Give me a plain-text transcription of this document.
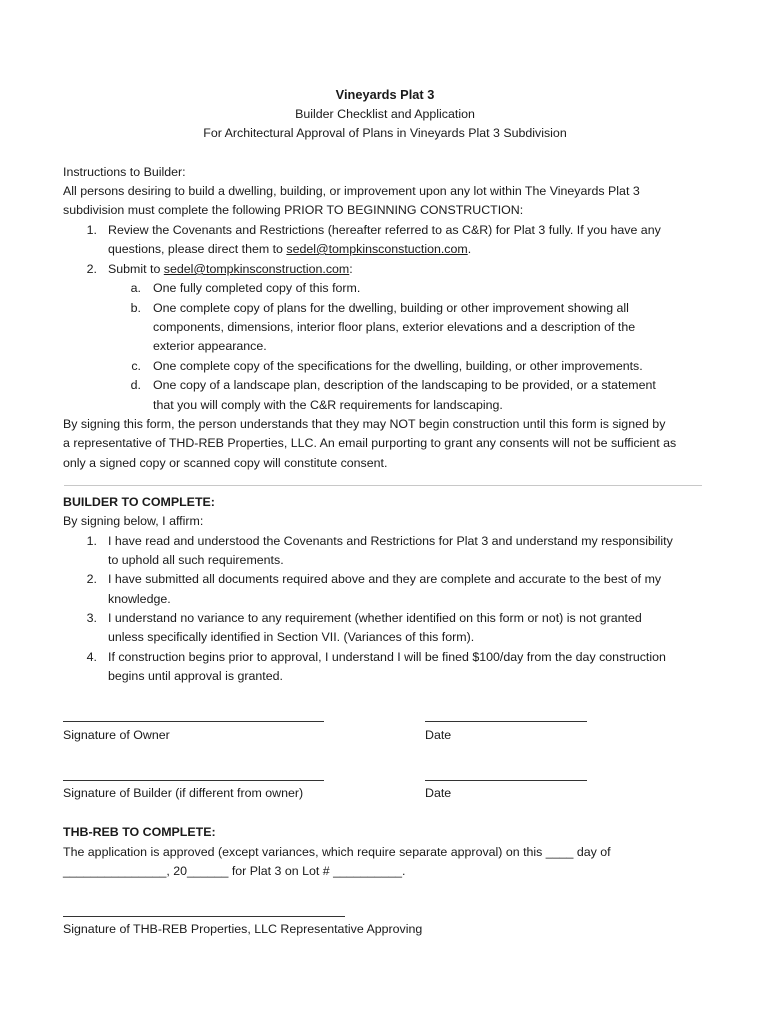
Vineyards Plat 3
Builder Checklist and Application
For Architectural Approval of Plans in Vineyards Plat 3 Subdivision
Instructions to Builder:
All persons desiring to build a dwelling, building, or improvement upon any lot within The Vineyards Plat 3
subdivision must complete the following PRIOR TO BEGINNING CONSTRUCTION:
1. Review the Covenants and Restrictions (hereafter referred to as C&R) for Plat 3 fully. If you have any
questions, please direct them to sedel@tompkinsconstuction.com.
2. Submit to sedel@tompkinsconstruction.com:
a. One fully completed copy of this form.
b. One complete copy of plans for the dwelling, building or other improvement showing all
components, dimensions, interior floor plans, exterior elevations and a description of the
exterior appearance.
c. One complete copy of the specifications for the dwelling, building, or other improvements.
d. One copy of a landscape plan, description of the landscaping to be provided, or a statement
that you will comply with the C&R requirements for landscaping.
By signing this form, the person understands that they may NOT begin construction until this form is signed by
a representative of THD-REB Properties, LLC. An email purporting to grant any consents will not be sufficient as
only a signed copy or scanned copy will constitute consent.
BUILDER TO COMPLETE:
By signing below, I affirm:
1. I have read and understood the Covenants and Restrictions for Plat 3 and understand my responsibility
to uphold all such requirements.
2. I have submitted all documents required above and they are complete and accurate to the best of my
knowledge.
3. I understand no variance to any requirement (whether identified on this form or not) is not granted
unless specifically identified in Section VII. (Variances of this form).
4. If construction begins prior to approval, I understand I will be fined $100/day from the day construction
begins until approval is granted.
Signature of Owner	Date
Signature of Builder (if different from owner)	Date
THB-REB TO COMPLETE:
The application is approved (except variances, which require separate approval) on this ____ day of
_______________, 20______ for Plat 3 on Lot # __________.
Signature of THB-REB Properties, LLC Representative Approving
